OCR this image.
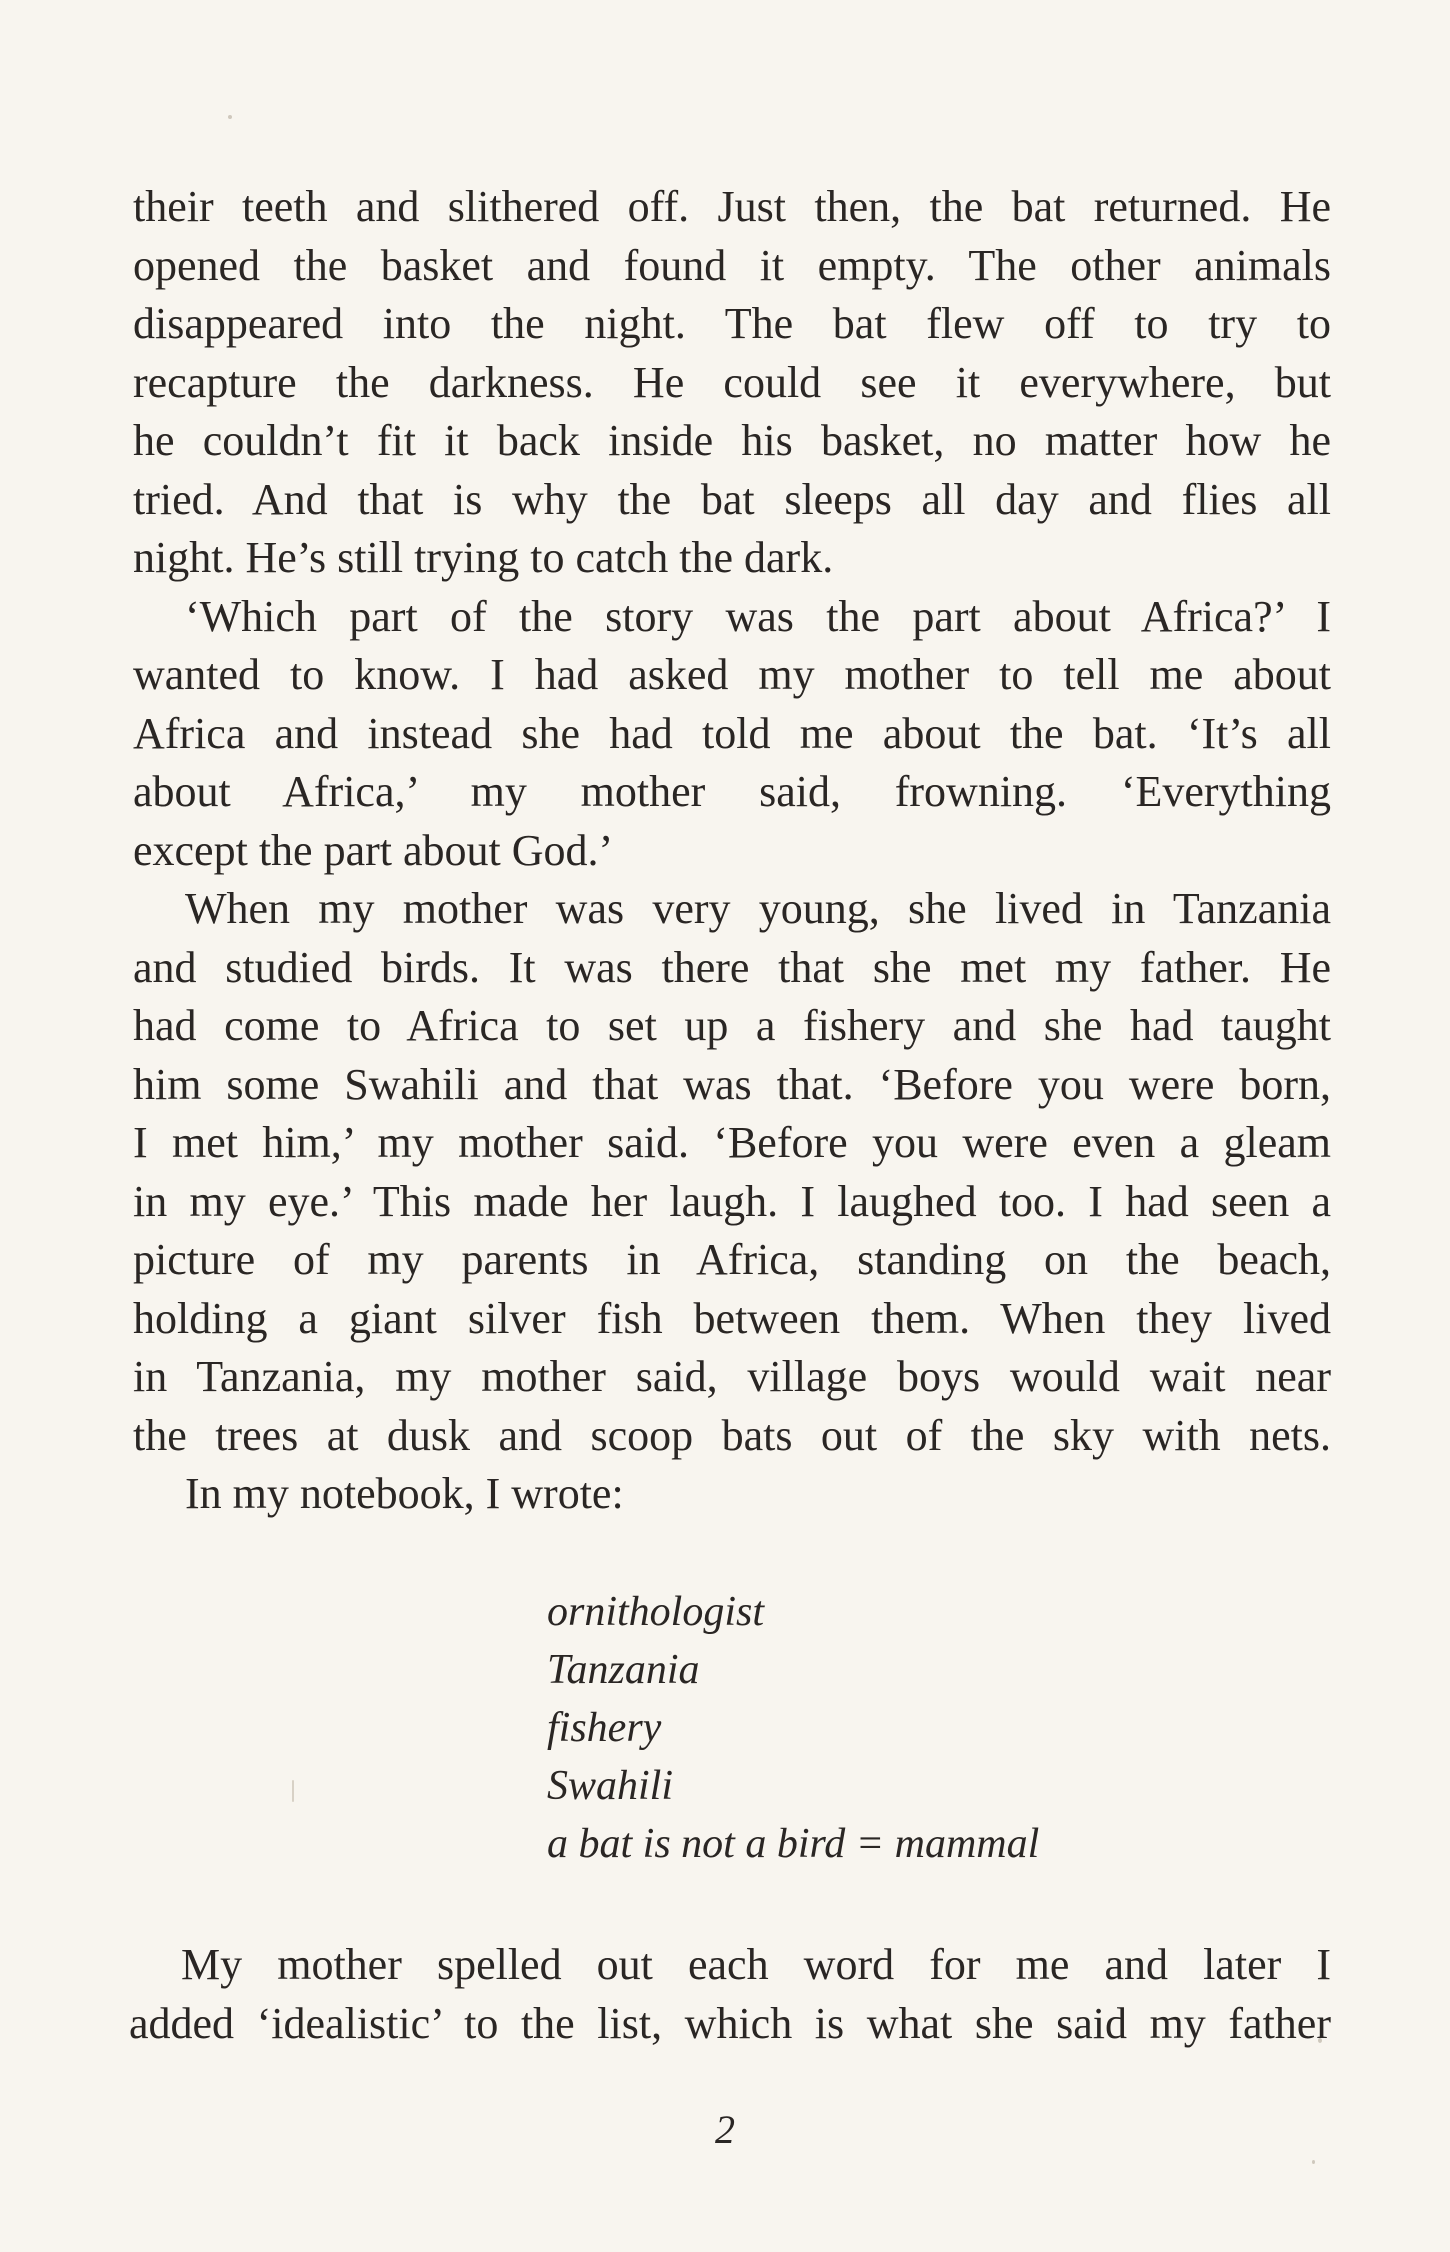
their teeth and slithered off. Just then, the bat returned. He
opened the basket and found it empty. The other animals
disappeared into the night. The bat flew off to try to
recapture the darkness. He could see it everywhere, but
he couldn’t fit it back inside his basket, no matter how he
tried. And that is why the bat sleeps all day and flies all
night. He’s still trying to catch the dark.
‘Which part of the story was the part about Africa?’ I
wanted to know. I had asked my mother to tell me about
Africa and instead she had told me about the bat. ‘It’s all
about Africa,’ my mother said, frowning. ‘Everything
except the part about God.’
When my mother was very young, she lived in Tanzania
and studied birds. It was there that she met my father. He
had come to Africa to set up a fishery and she had taught
him some Swahili and that was that. ‘Before you were born,
I met him,’ my mother said. ‘Before you were even a gleam
in my eye.’ This made her laugh. I laughed too. I had seen a
picture of my parents in Africa, standing on the beach,
holding a giant silver fish between them. When they lived
in Tanzania, my mother said, village boys would wait near
the trees at dusk and scoop bats out of the sky with nets.
In my notebook, I wrote:
ornithologist
Tanzania
fishery
Swahili
a bat is not a bird = mammal
My mother spelled out each word for me and later I
added ‘idealistic’ to the list, which is what she said my father
2
